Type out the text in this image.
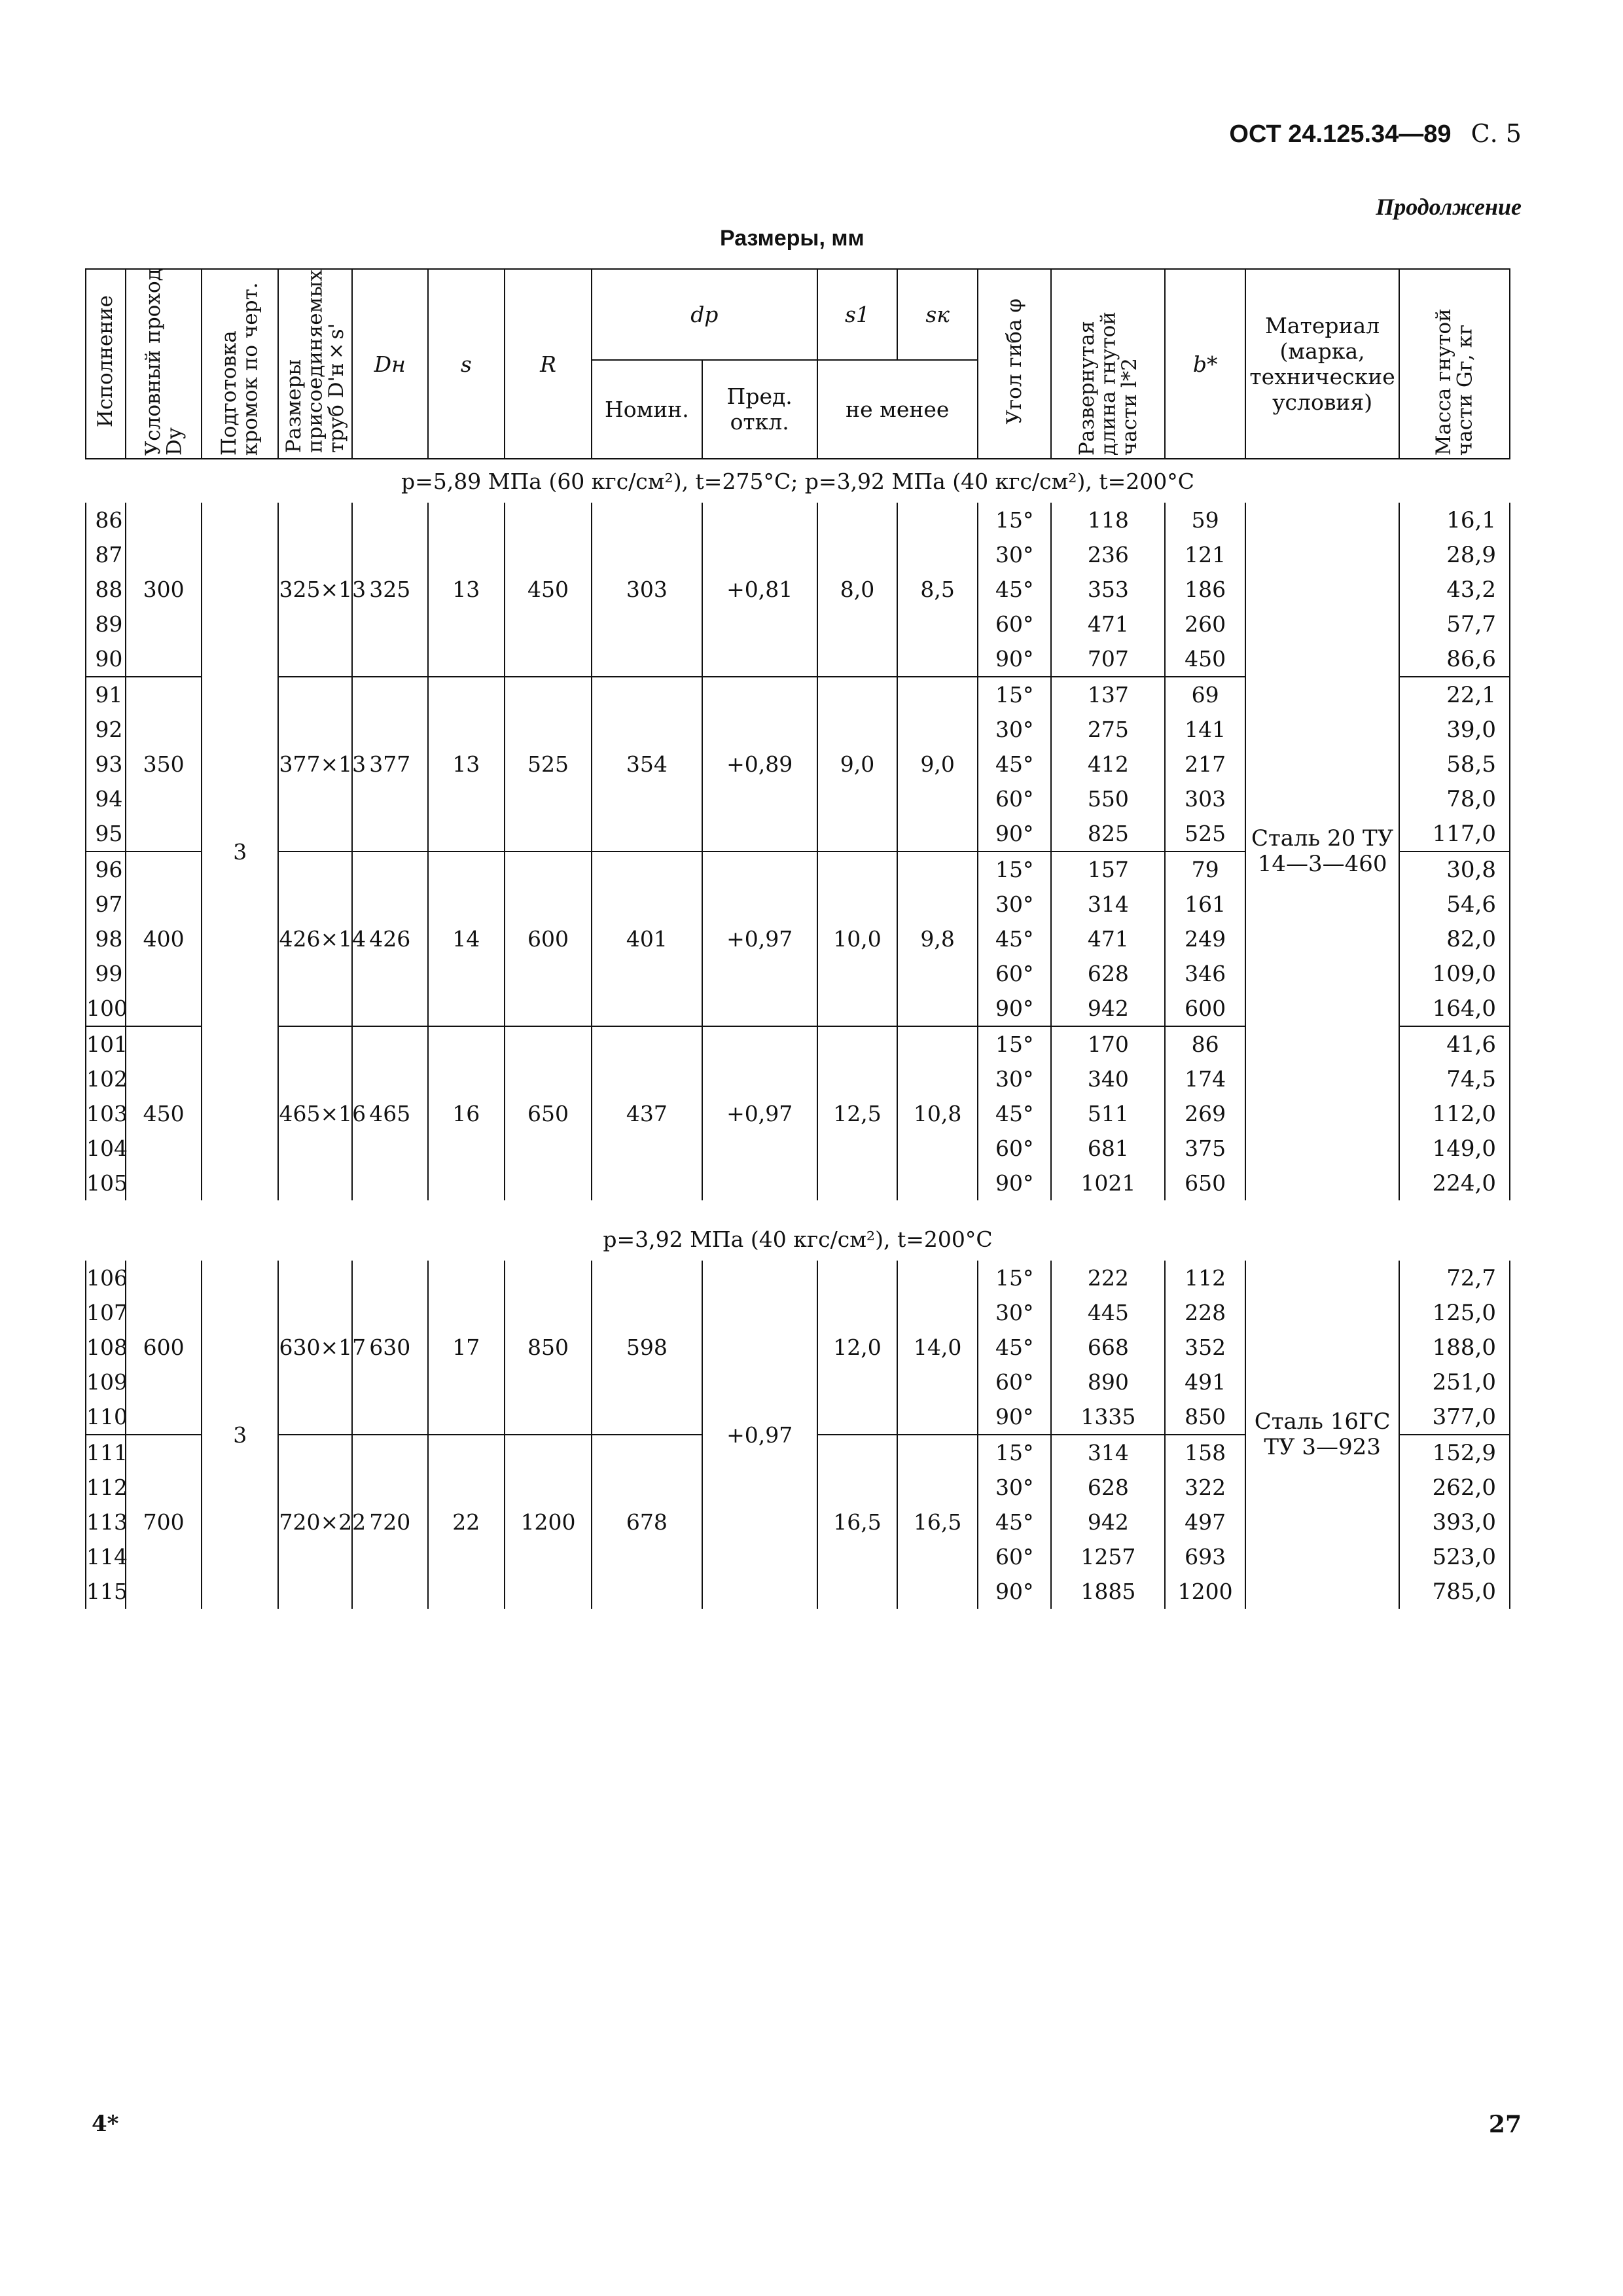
ОСТ 24.125.34—89 С. 5
Продолжение
Размеры, мм
Исполнение	Условный проход Dу	Подготовка кромок по черт.	Размеры присоединяемых труб D'н×s'	Dн	s	R	dр		s1	sк	Угол гиба φ	Развернутая длина гнутой части l*2	b*	Материал (марка, технические условия)	Масса гнутой части Gг, кг
							Номин.	Пред. откл.	не менее						
p=5,89 МПа (60 кгс/см²), t=275°C; p=3,92 МПа (40 кгс/см²), t=200°C															
86	300	3	325×13	325	13	450	303	+0,81	8,0	8,5	15°	118	59	Сталь 20 ТУ 14—3—460	16,1
87											30°	236	121		28,9
88											45°	353	186		43,2
89											60°	471	260		57,7
90											90°	707	450		86,6
91	350		377×13	377	13	525	354	+0,89	9,0	9,0	15°	137	69		22,1
92											30°	275	141		39,0
93											45°	412	217		58,5
94											60°	550	303		78,0
95											90°	825	525		117,0
96	400		426×14	426	14	600	401	+0,97	10,0	9,8	15°	157	79		30,8
97											30°	314	161		54,6
98											45°	471	249		82,0
99											60°	628	346		109,0
100											90°	942	600		164,0
101	450		465×16	465	16	650	437	+0,97	12,5	10,8	15°	170	86		41,6
102											30°	340	174		74,5
103											45°	511	269		112,0
104											60°	681	375		149,0
105											90°	1021	650		224,0

p=3,92 МПа (40 кгс/см²), t=200°C															
106	600	3	630×17	630	17	850	598	+0,97	12,0	14,0	15°	222	112	Сталь 16ГС ТУ 3—923	72,7
107											30°	445	228		125,0
108											45°	668	352		188,0
109											60°	890	491		251,0
110											90°	1335	850		377,0
111	700		720×22	720	22	1200	678		16,5	16,5	15°	314	158		152,9
112											30°	628	322		262,0
113											45°	942	497		393,0
114											60°	1257	693		523,0
115											90°	1885	1200		785,0
4*	27
